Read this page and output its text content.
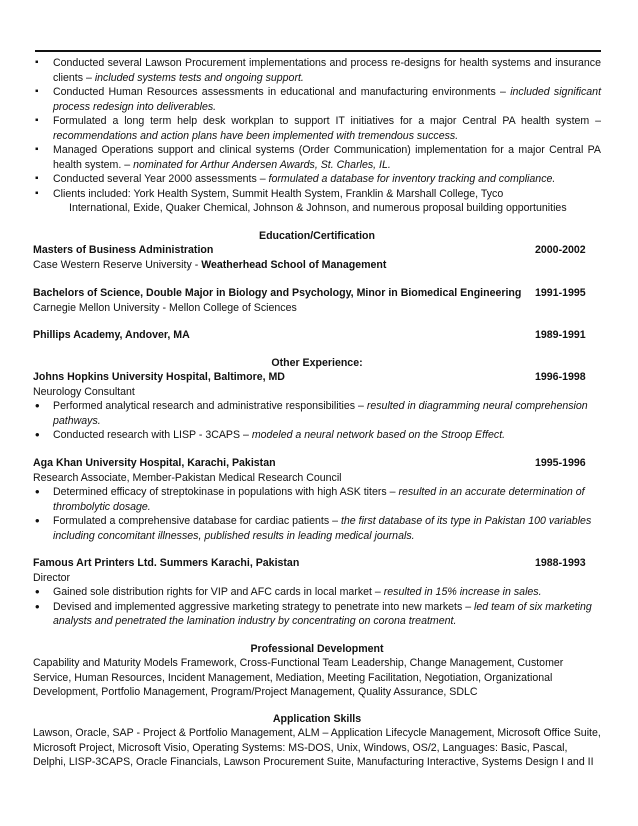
▪ Conducted several Lawson Procurement implementations and process re-designs for health systems and insurance clients – included systems tests and ongoing support.
▪ Conducted Human Resources assessments in educational and manufacturing environments – included significant process redesign into deliverables.
▪ Formulated a long term help desk workplan to support IT initiatives for a major Central PA health system – recommendations and action plans have been implemented with tremendous success.
▪ Managed Operations support and clinical systems (Order Communication) implementation for a major Central PA health system. – nominated for Arthur Andersen Awards, St. Charles, IL.
▪ Conducted several Year 2000 assessments – formulated a database for inventory tracking and compliance.
▪ Clients included: York Health System, Summit Health System, Franklin & Marshall College, Tyco
International, Exide, Quaker Chemical, Johnson & Johnson, and numerous proposal building opportunities
Education/Certification
Masters of Business Administration	2000-2002
Case Western Reserve University - Weatherhead School of Management
Bachelors of Science, Double Major in Biology and Psychology, Minor in Biomedical Engineering 1991-1995
Carnegie Mellon University - Mellon College of Sciences
Phillips Academy, Andover, MA	1989-1991
Other Experience:
Johns Hopkins University Hospital, Baltimore, MD	1996-1998
Neurology Consultant
• Performed analytical research and administrative responsibilities – resulted in diagramming neural comprehension pathways.
• Conducted research with LISP - 3CAPS – modeled a neural network based on the Stroop Effect.
Aga Khan University Hospital, Karachi, Pakistan	1995-1996
Research Associate, Member-Pakistan Medical Research Council
• Determined efficacy of streptokinase in populations with high ASK titers – resulted in an accurate determination of thrombolytic dosage.
• Formulated a comprehensive database for cardiac patients – the first database of its type in Pakistan 100 variables including concomitant illnesses, published results in leading medical journals.
Famous Art Printers Ltd. Summers Karachi, Pakistan	1988-1993
Director
• Gained sole distribution rights for VIP and AFC cards in local market – resulted in 15% increase in sales.
• Devised and implemented aggressive marketing strategy to penetrate into new markets – led team of six marketing analysts and penetrated the lamination industry by concentrating on corona treatment.
Professional Development
Capability and Maturity Models Framework, Cross-Functional Team Leadership, Change Management, Customer Service, Human Resources, Incident Management, Mediation, Meeting Facilitation, Negotiation, Organizational Development, Portfolio Management, Program/Project Management, Quality Assurance, SDLC
Application Skills
Lawson, Oracle, SAP - Project & Portfolio Management, ALM – Application Lifecycle Management, Microsoft Office Suite, Microsoft Project, Microsoft Visio, Operating Systems: MS-DOS, Unix, Windows, OS/2, Languages: Basic, Pascal, Delphi, LISP-3CAPS, Oracle Financials, Lawson Procurement Suite, Manufacturing Interactive, Systems Design I and II
